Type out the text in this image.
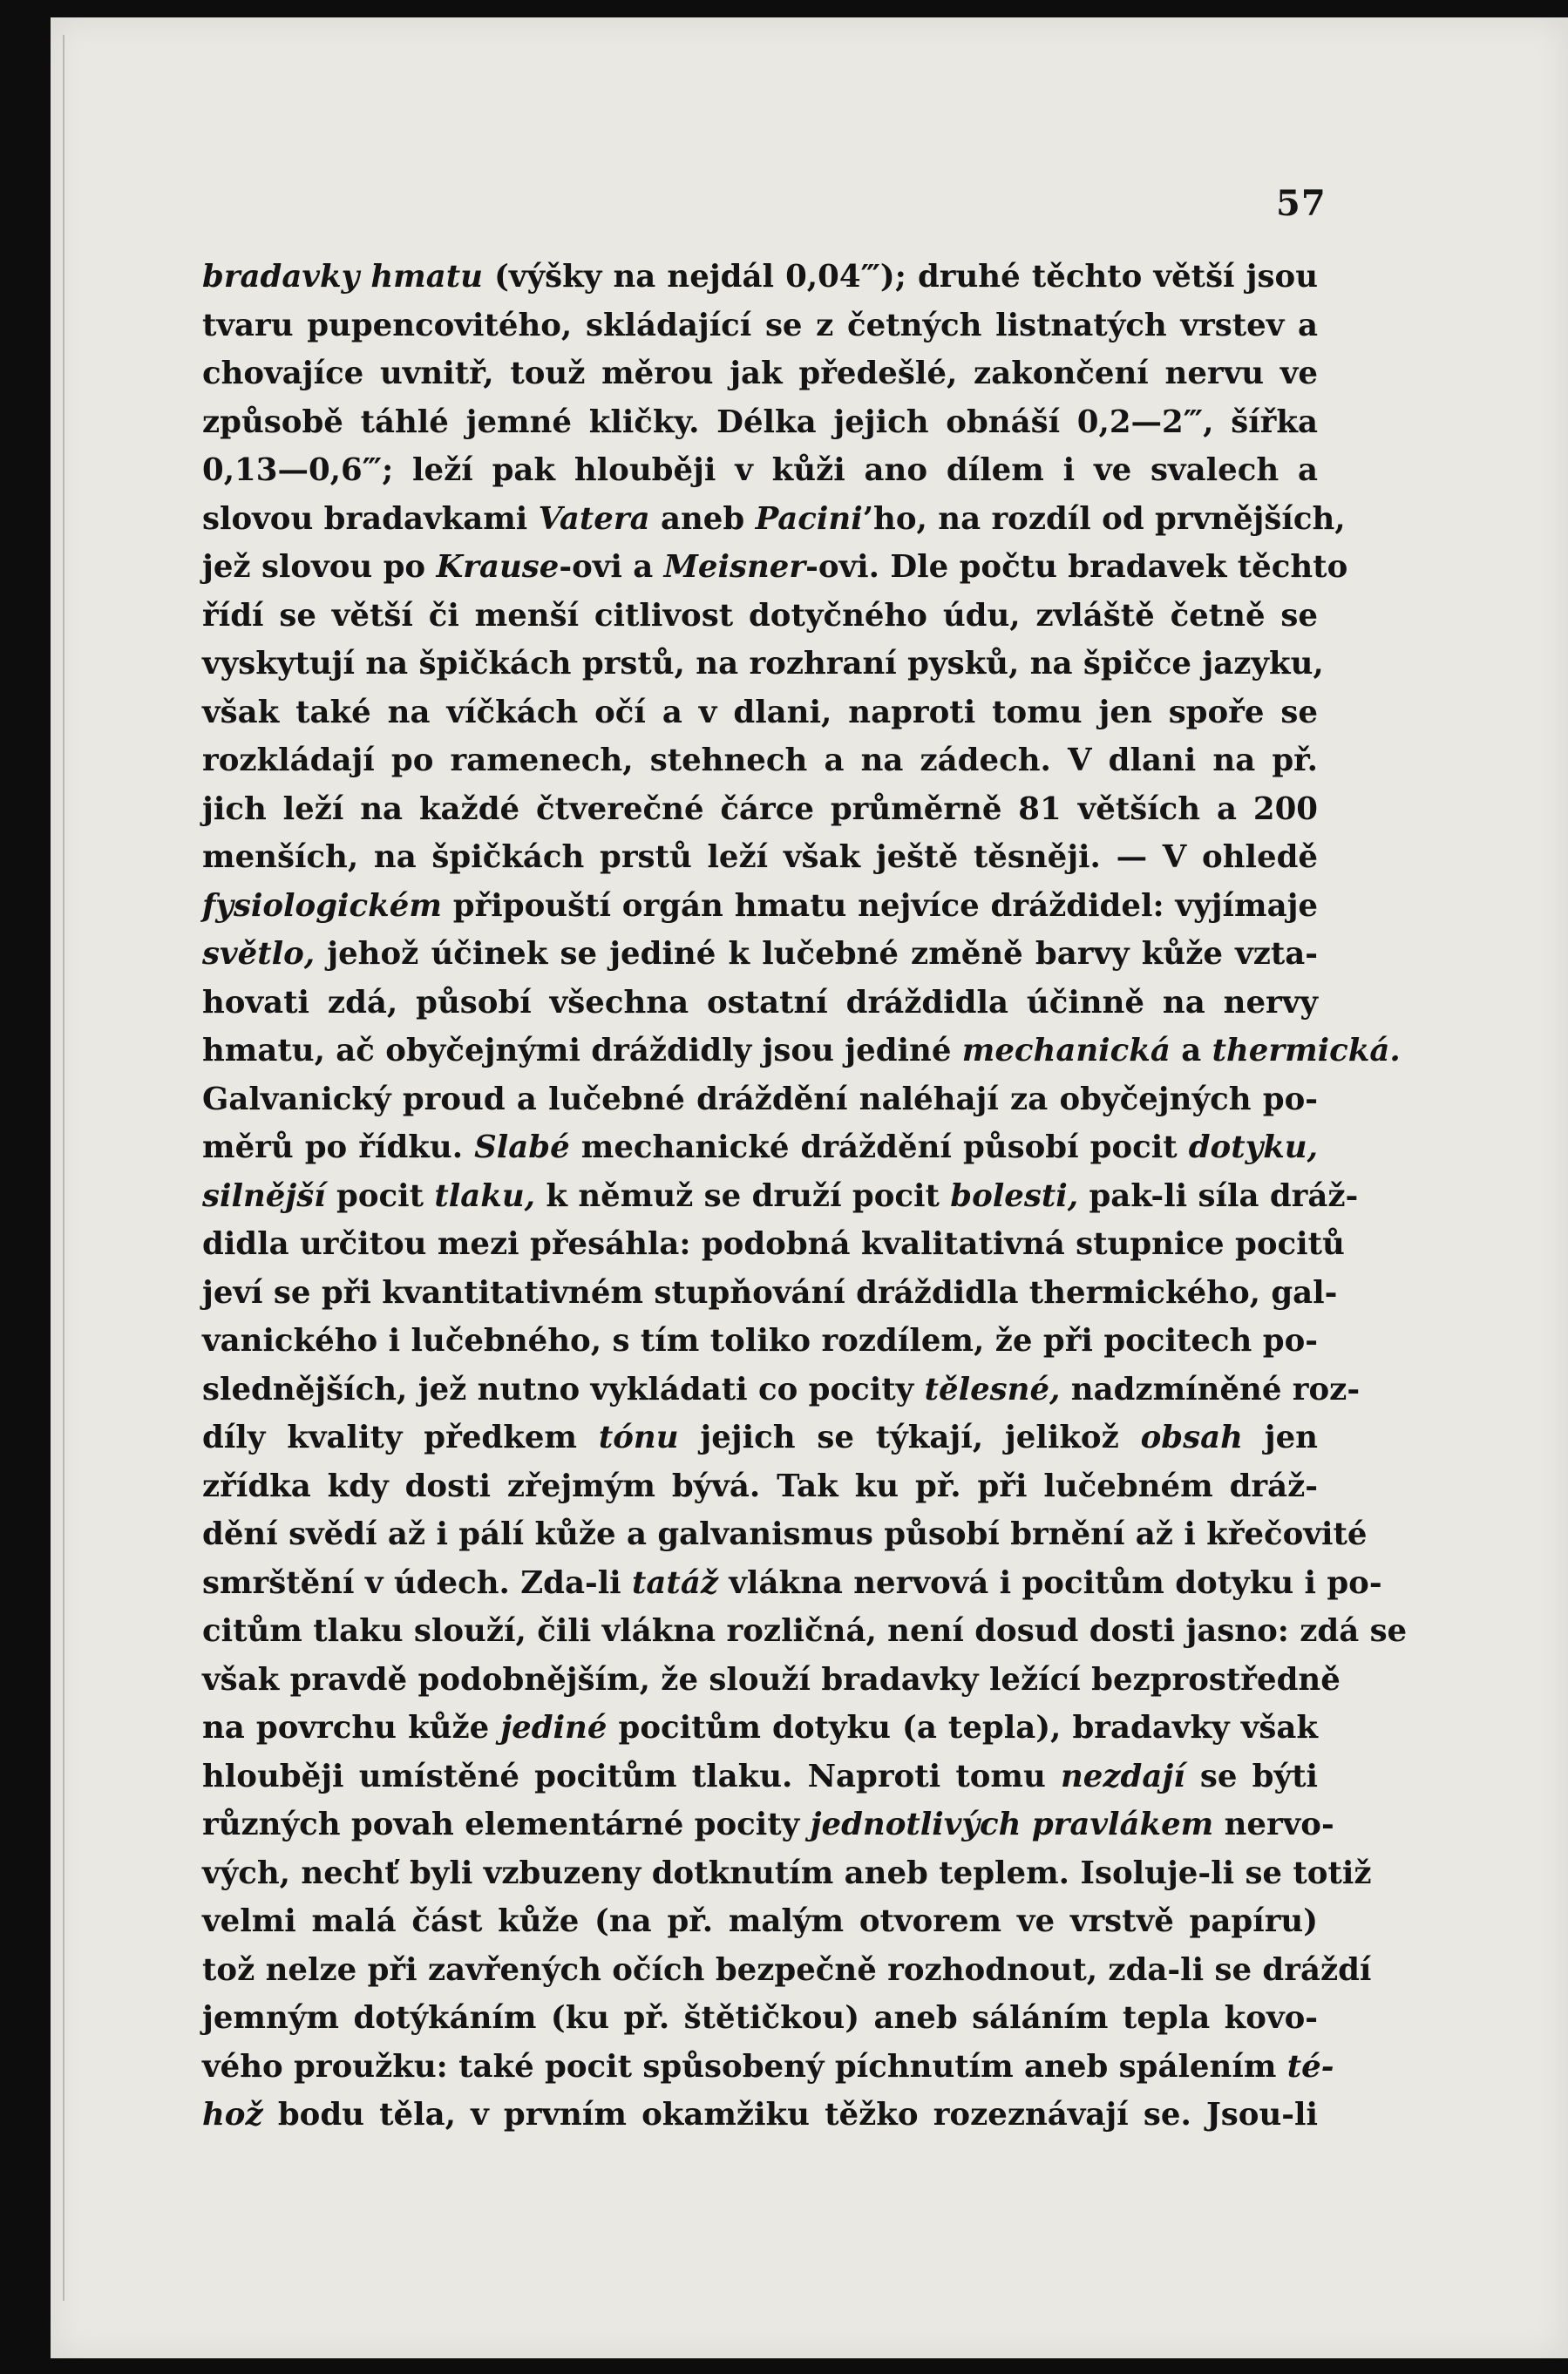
57
bradavky hmatu (výšky na nejdál 0,04‴); druhé těchto větší jsou
tvaru pupencovitého, skládající se z četných listnatých vrstev a
chovajíce uvnitř, touž měrou jak předešlé, zakončení nervu ve
způsobě táhlé jemné kličky. Délka jejich obnáší 0,2—2‴, šířka
0,13—0,6‴; leží pak hlouběji v kůži ano dílem i ve svalech a
slovou bradavkami Vatera aneb Pacini’ho, na rozdíl od prvnějších,
jež slovou po Krause-ovi a Meisner-ovi. Dle počtu bradavek těchto
řídí se větší či menší citlivost dotyčného údu, zvláště četně se
vyskytují na špičkách prstů, na rozhraní pysků, na špičce jazyku,
však také na víčkách očí a v dlani, naproti tomu jen spoře se
rozkládají po ramenech, stehnech a na zádech. V dlani na př.
jich leží na každé čtverečné čárce průměrně 81 větších a 200
menších, na špičkách prstů leží však ještě těsněji. — V ohledě
fysiologickém připouští orgán hmatu nejvíce dráždidel: vyjímaje
světlo, jehož účinek se jediné k lučebné změně barvy kůže vzta-
hovati zdá, působí všechna ostatní dráždidla účinně na nervy
hmatu, ač obyčejnými dráždidly jsou jediné mechanická a thermická.
Galvanický proud a lučebné dráždění naléhají za obyčejných po-
měrů po řídku. Slabé mechanické dráždění působí pocit dotyku,
silnější pocit tlaku, k němuž se druží pocit bolesti, pak-li síla dráž-
didla určitou mezi přesáhla: podobná kvalitativná stupnice pocitů
jeví se při kvantitativném stupňování dráždidla thermického, gal-
vanického i lučebného, s tím toliko rozdílem, že při pocitech po-
slednějších, jež nutno vykládati co pocity tělesné, nadzmíněné roz-
díly kvality předkem tónu jejich se týkají, jelikož obsah jen
zřídka kdy dosti zřejmým bývá. Tak ku př. při lučebném dráž-
dění svědí až i pálí kůže a galvanismus působí brnění až i křečovité
smrštění v údech. Zda-li tatáž vlákna nervová i pocitům dotyku i po-
citům tlaku slouží, čili vlákna rozličná, není dosud dosti jasno: zdá se
však pravdě podobnějším, že slouží bradavky ležící bezprostředně
na povrchu kůže jediné pocitům dotyku (a tepla), bradavky však
hlouběji umístěné pocitům tlaku. Naproti tomu nezdají se býti
různých povah elementárné pocity jednotlivých pravlákem nervo-
vých, nechť byli vzbuzeny dotknutím aneb teplem. Isoluje-li se totiž
velmi malá část kůže (na př. malým otvorem ve vrstvě papíru)
tož nelze při zavřených očích bezpečně rozhodnout, zda-li se dráždí
jemným dotýkáním (ku př. štětičkou) aneb sáláním tepla kovo-
vého proužku: také pocit spůsobený píchnutím aneb spálením té-
hož bodu těla, v prvním okamžiku těžko rozeznávají se. Jsou-li
